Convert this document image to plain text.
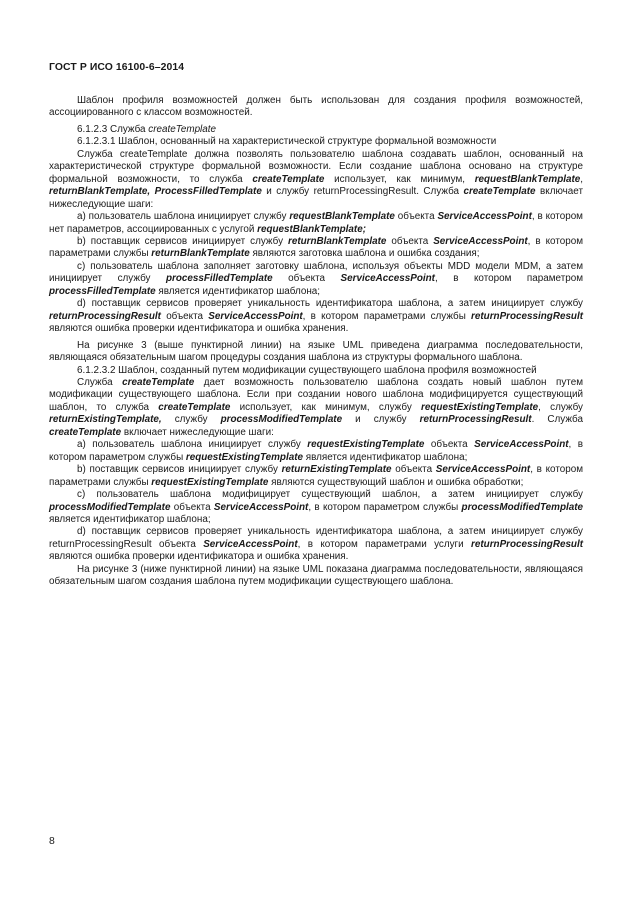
ГОСТ Р ИСО 16100-6–2014

Шаблон профиля возможностей должен быть использован для создания профиля возможностей, ассоциированного с классом возможностей.

6.1.2.3 Служба createTemplate

6.1.2.3.1 Шаблон, основанный на характеристической структуре формальной возможности

Служба createTemplate должна позволять пользователю шаблона создавать шаблон, основанный на характеристической структуре формальной возможности. Если создание шаблона основано на структуре формальной возможности, то служба createTemplate использует, как минимум, requestBlankTemplate, returnBlankTemplate, ProcessFilledTemplate и службу returnProcessingResult. Служба createTemplate включает нижеследующие шаги:

a) пользователь шаблона инициирует службу requestBlankTemplate объекта ServiceAccessPoint, в котором нет параметров, ассоциированных с услугой requestBlankTemplate;

b) поставщик сервисов инициирует службу returnBlankTemplate объекта ServiceAccessPoint, в котором параметрами службы returnBlankTemplate являются заготовка шаблона и ошибка создания;

c) пользователь шаблона заполняет заготовку шаблона, используя объекты MDD модели MDM, а затем инициирует службу processFilledTemplate объекта ServiceAccessPoint, в котором параметром processFilledTemplate является идентификатор шаблона;

d) поставщик сервисов проверяет уникальность идентификатора шаблона, а затем инициирует службу returnProcessingResult объекта ServiceAccessPoint, в котором параметрами службы returnProcessingResult являются ошибка проверки идентификатора и ошибка хранения.

На рисунке 3 (выше пунктирной линии) на языке UML приведена диаграмма последовательности, являющаяся обязательным шагом процедуры создания шаблона из структуры формального шаблона.

6.1.2.3.2 Шаблон, созданный путем модификации существующего шаблона профиля возможностей

Служба createTemplate дает возможность пользователю шаблона создать новый шаблон путем модификации существующего шаблона. Если при создании нового шаблона модифицируется существующий шаблон, то служба createTemplate использует, как минимум, службу requestExistingTemplate, службу returnExistingTemplate, службу processModifiedTemplate и службу returnProcessingResult. Служба createTemplate включает нижеследующие шаги:

a) пользователь шаблона инициирует службу requestExistingTemplate объекта ServiceAccessPoint, в котором параметром службы requestExistingTemplate является идентификатор шаблона;

b) поставщик сервисов инициирует службу returnExistingTemplate объекта ServiceAccessPoint, в котором параметрами службы requestExistingTemplate являются существующий шаблон и ошибка обработки;

c) пользователь шаблона модифицирует существующий шаблон, а затем инициирует службу processModifiedTemplate объекта ServiceAccessPoint, в котором параметром службы processModifiedTemplate является идентификатор шаблона;

d) поставщик сервисов проверяет уникальность идентификатора шаблона, а затем инициирует службу returnProcessingResult объекта ServiceAccessPoint, в котором параметрами услуги returnProcessingResult являются ошибка проверки идентификатора и ошибка хранения.

На рисунке 3 (ниже пунктирной линии) на языке UML показана диаграмма последовательности, являющаяся обязательным шагом создания шаблона путем модификации существующего шаблона.

8
